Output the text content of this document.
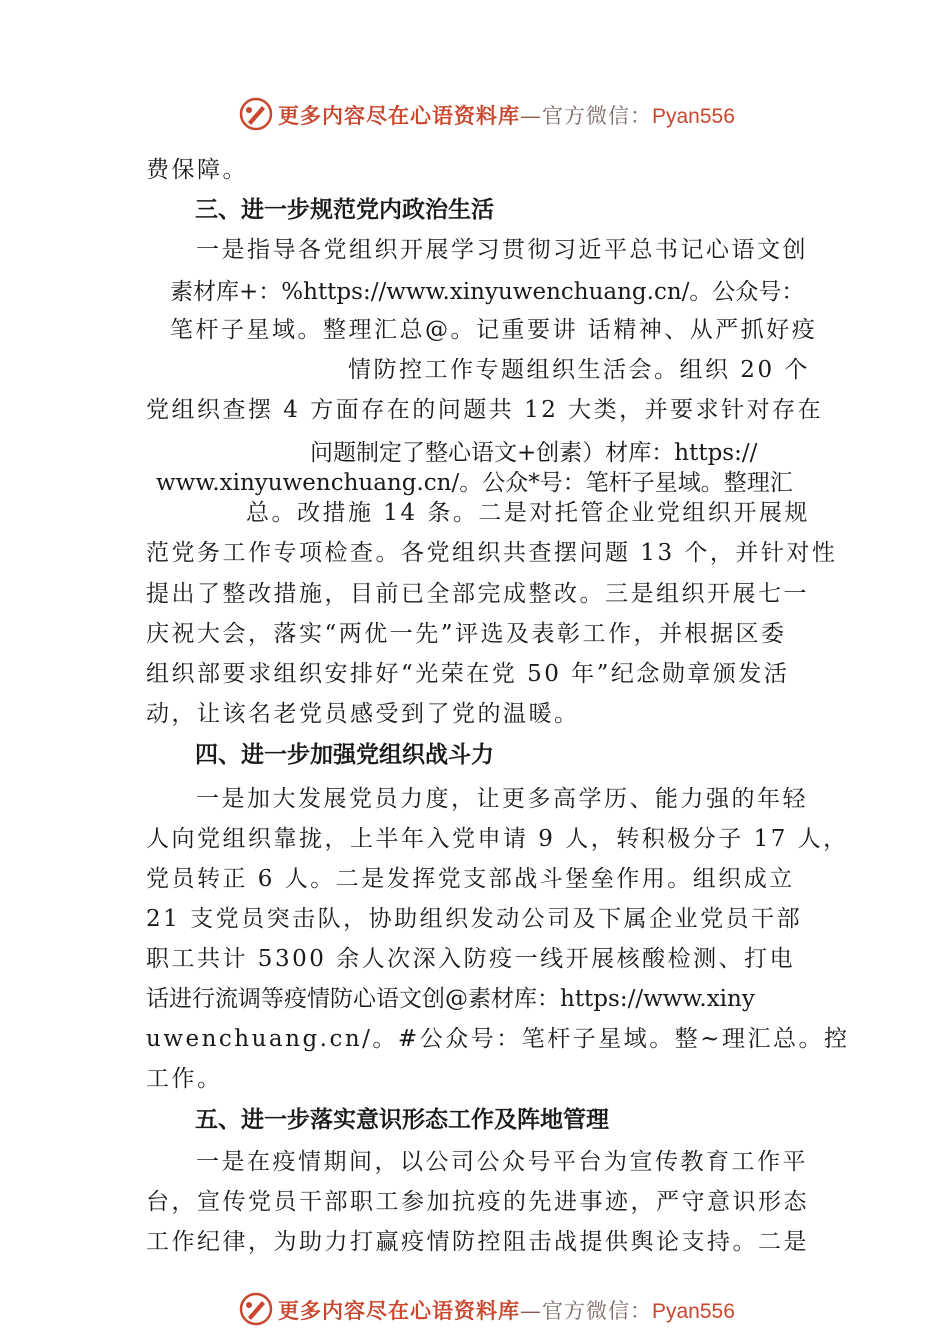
更多内容尽在心语资料库—官方微信：Pyan556
费保障。
三、进一步规范党内政治生活
一是指导各党组织开展学习贯彻习近平总书记心语文创
素材库+：%https://www.xinyuwenchuang.cn/。公众号：
笔杆子星域。整理汇总@。记重要讲 话精神、从严抓好疫
情防控工作专题组织生活会。组织 20 个
党组织查摆 4 方面存在的问题共 12 大类，并要求针对存在
问题制定了整心语文+创素）材库：https://
www.xinyuwenchuang.cn/。公众*号：笔杆子星域。整理汇
总。改措施 14 条。二是对托管企业党组织开展规
范党务工作专项检查。各党组织共查摆问题 13 个，并针对性
提出了整改措施，目前已全部完成整改。三是组织开展七一
庆祝大会，落实“两优一先”评选及表彰工作，并根据区委
组织部要求组织安排好“光荣在党 50 年”纪念勋章颁发活
动，让该名老党员感受到了党的温暖。
四、进一步加强党组织战斗力
一是加大发展党员力度，让更多高学历、能力强的年轻
人向党组织靠拢，上半年入党申请 9 人，转积极分子 17 人，
党员转正 6 人。二是发挥党支部战斗堡垒作用。组织成立
21 支党员突击队，协助组织发动公司及下属企业党员干部
职工共计 5300 余人次深入防疫一线开展核酸检测、打电
话进行流调等疫情防心语文创@素材库：https://www.xiny
uwenchuang.cn/。#公众号：笔杆子星域。整~理汇总。控
工作。
五、进一步落实意识形态工作及阵地管理
一是在疫情期间，以公司公众号平台为宣传教育工作平
台，宣传党员干部职工参加抗疫的先进事迹，严守意识形态
工作纪律，为助力打赢疫情防控阻击战提供舆论支持。二是
更多内容尽在心语资料库—官方微信：Pyan556
